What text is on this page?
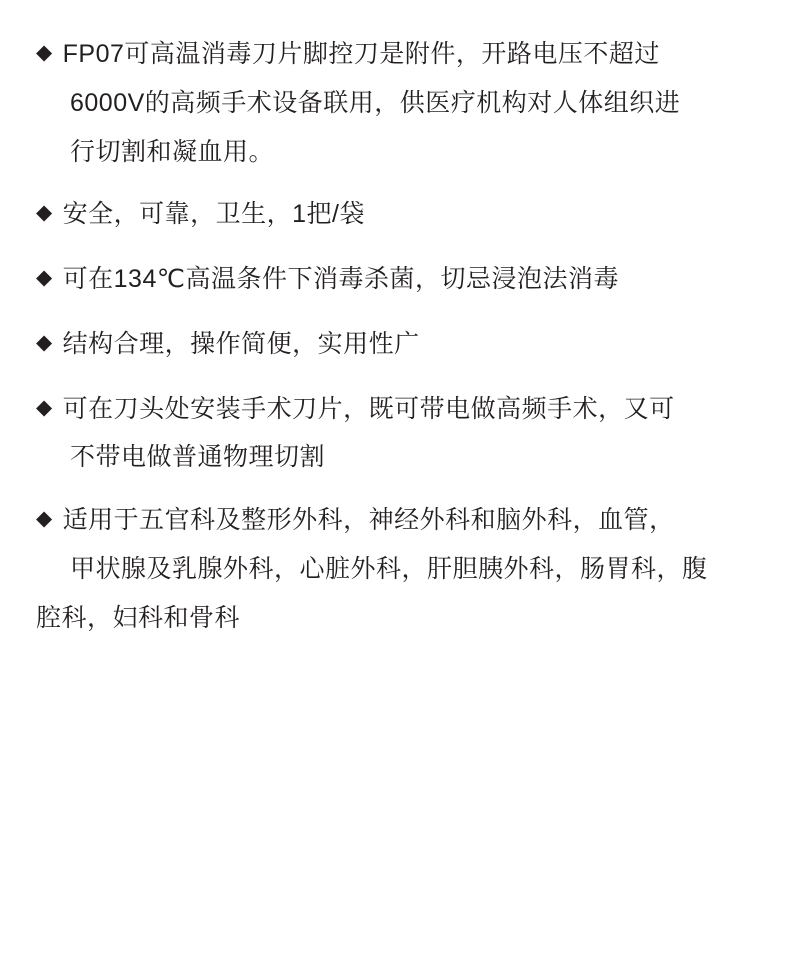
◆ FP07可高温消毒刀片脚控刀是附件，开路电压不超过
6000V的高频手术设备联用，供医疗机构对人体组织进
行切割和凝血用。
◆ 安全，可靠，卫生，1把/袋
◆ 可在134℃高温条件下消毒杀菌，切忌浸泡法消毒
◆ 结构合理，操作简便，实用性广
◆ 可在刀头处安装手术刀片，既可带电做高频手术，又可
不带电做普通物理切割
◆ 适用于五官科及整形外科，神经外科和脑外科，血管，
甲状腺及乳腺外科，心脏外科，肝胆胰外科，肠胃科，腹
腔科，妇科和骨科
